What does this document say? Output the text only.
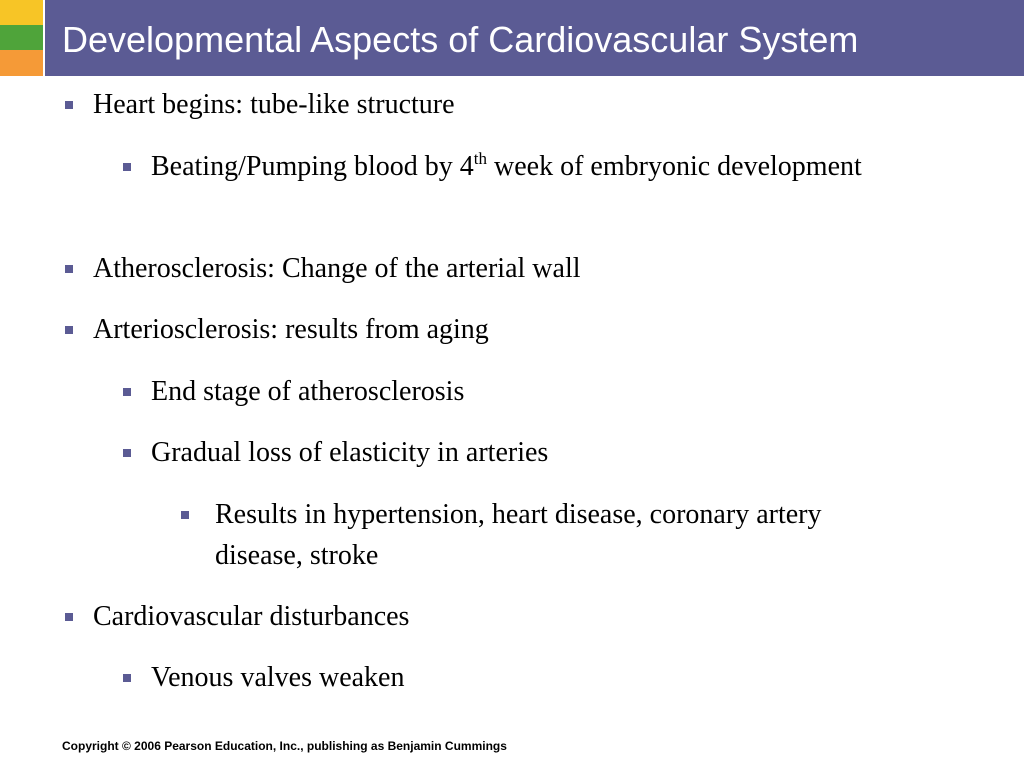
Developmental Aspects of Cardiovascular System
Heart begins: tube-like structure
Beating/Pumping blood by 4th week of embryonic development
Atherosclerosis: Change of the arterial wall
Arteriosclerosis: results from aging
End stage of atherosclerosis
Gradual loss of elasticity in arteries
Results in hypertension, heart disease, coronary artery disease, stroke
Cardiovascular disturbances
Venous valves weaken
Copyright © 2006 Pearson Education, Inc., publishing as Benjamin Cummings
